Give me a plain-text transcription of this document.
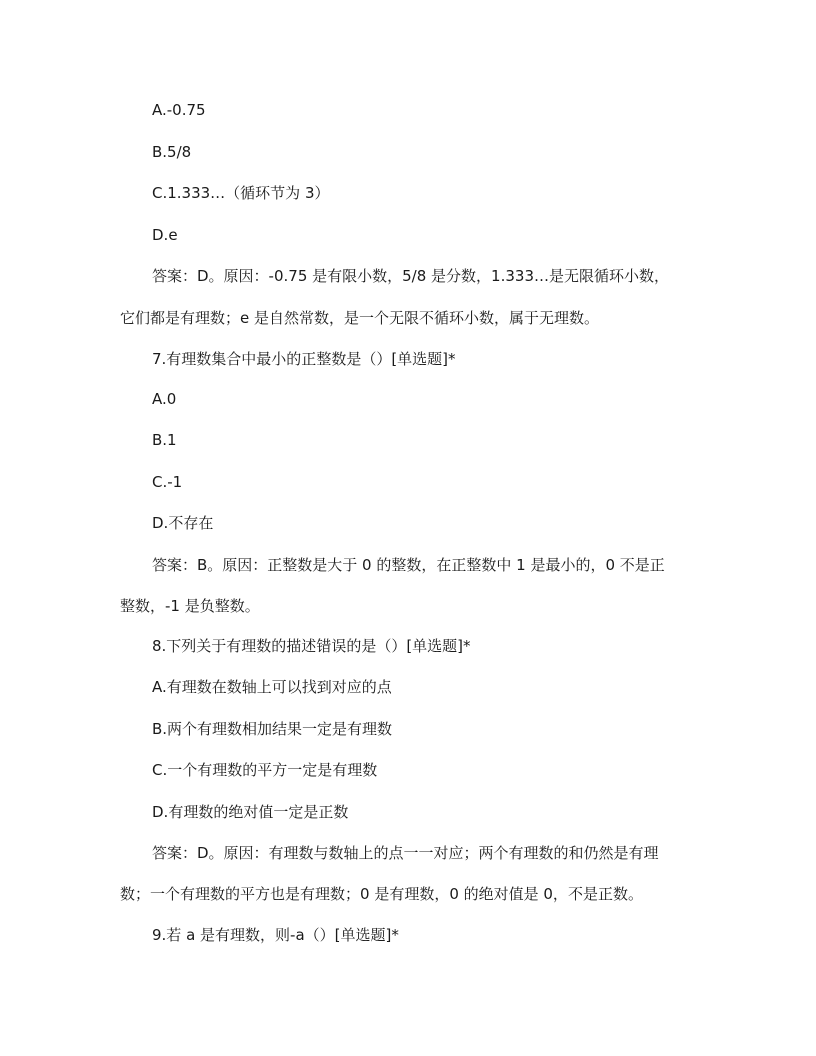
A.-0.75
B.5/8
C.1.333…（循环节为 3）
D.e
答案：D。原因：-0.75 是有限小数，5/8 是分数，1.333…是无限循环小数，
它们都是有理数；e 是自然常数，是一个无限不循环小数，属于无理数。
7.有理数集合中最小的正整数是（）[单选题]*
A.0
B.1
C.-1
D.不存在
答案：B。原因：正整数是大于 0 的整数，在正整数中 1 是最小的，0 不是正
整数，-1 是负整数。
8.下列关于有理数的描述错误的是（）[单选题]*
A.有理数在数轴上可以找到对应的点
B.两个有理数相加结果一定是有理数
C.一个有理数的平方一定是有理数
D.有理数的绝对值一定是正数
答案：D。原因：有理数与数轴上的点一一对应；两个有理数的和仍然是有理
数；一个有理数的平方也是有理数；0 是有理数，0 的绝对值是 0，不是正数。
9.若 a 是有理数，则-a（）[单选题]*
